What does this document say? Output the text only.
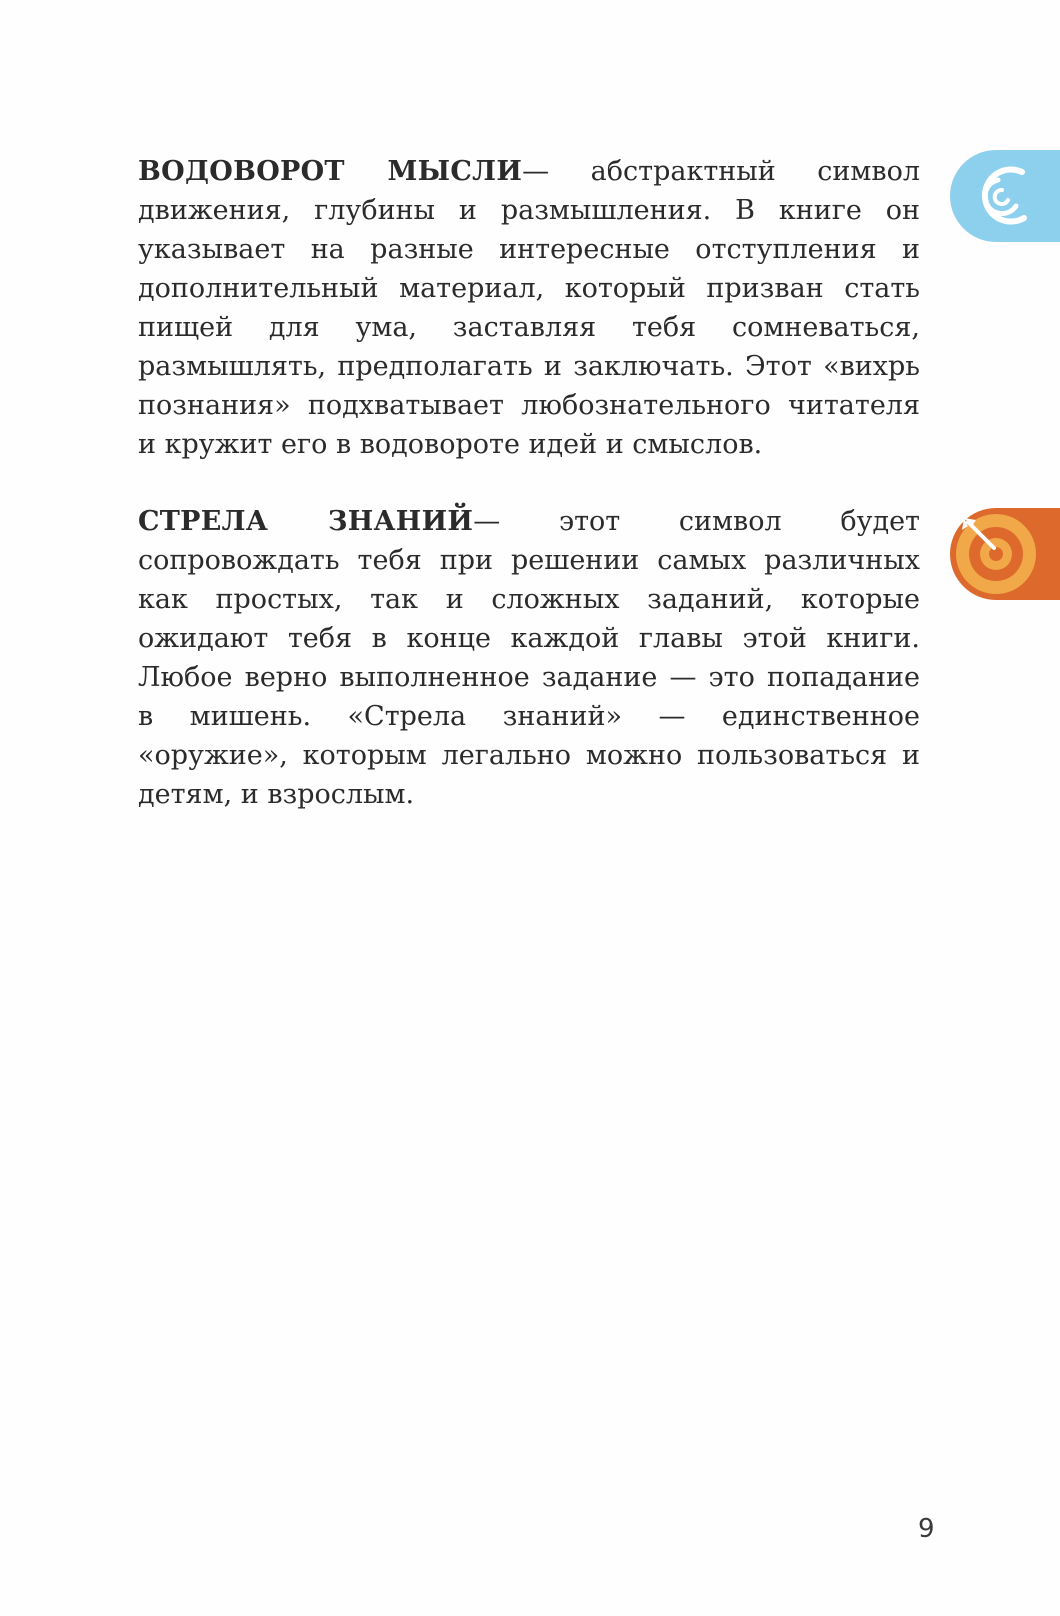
ВОДОВОРОТ МЫСЛИ— абстрактный символ движения, глубины и размышления. В книге он указывает на разные интересные отступления и дополнительный материал, который призван стать пищей для ума, заставляя тебя сомневаться, размышлять, предполагать и заключать. Этот «вихрь познания» подхватывает любознательного читателя и кружит его в водовороте идей и смыслов.

СТРЕЛА ЗНАНИЙ— этот символ будет сопровождать тебя при решении самых различных как простых, так и сложных заданий, которые ожидают тебя в конце каждой главы этой книги. Любое верно выполненное задание — это попадание в мишень. «Стрела знаний» — единственное «оружие», которым легально можно пользоваться и детям, и взрослым.

9
